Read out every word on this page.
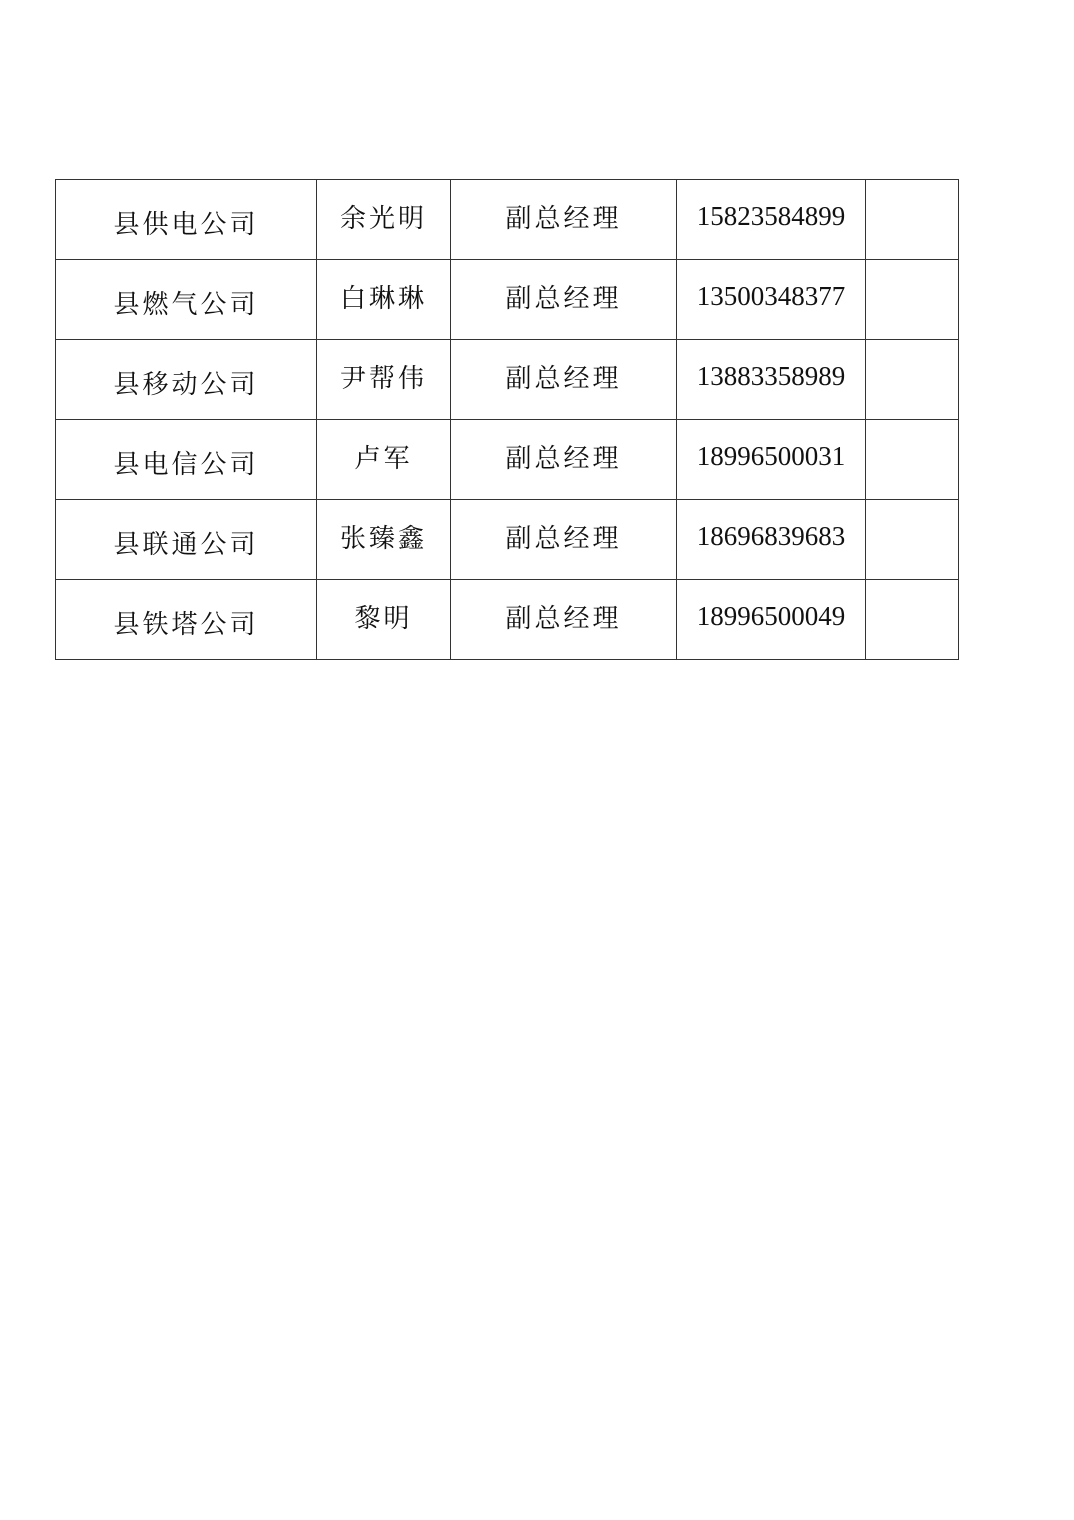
县供电公司	余光明	副总经理	15823584899	
县燃气公司	白琳琳	副总经理	13500348377	
县移动公司	尹帮伟	副总经理	13883358989	
县电信公司	卢军	副总经理	18996500031	
县联通公司	张臻鑫	副总经理	18696839683	
县铁塔公司	黎明	副总经理	18996500049	
